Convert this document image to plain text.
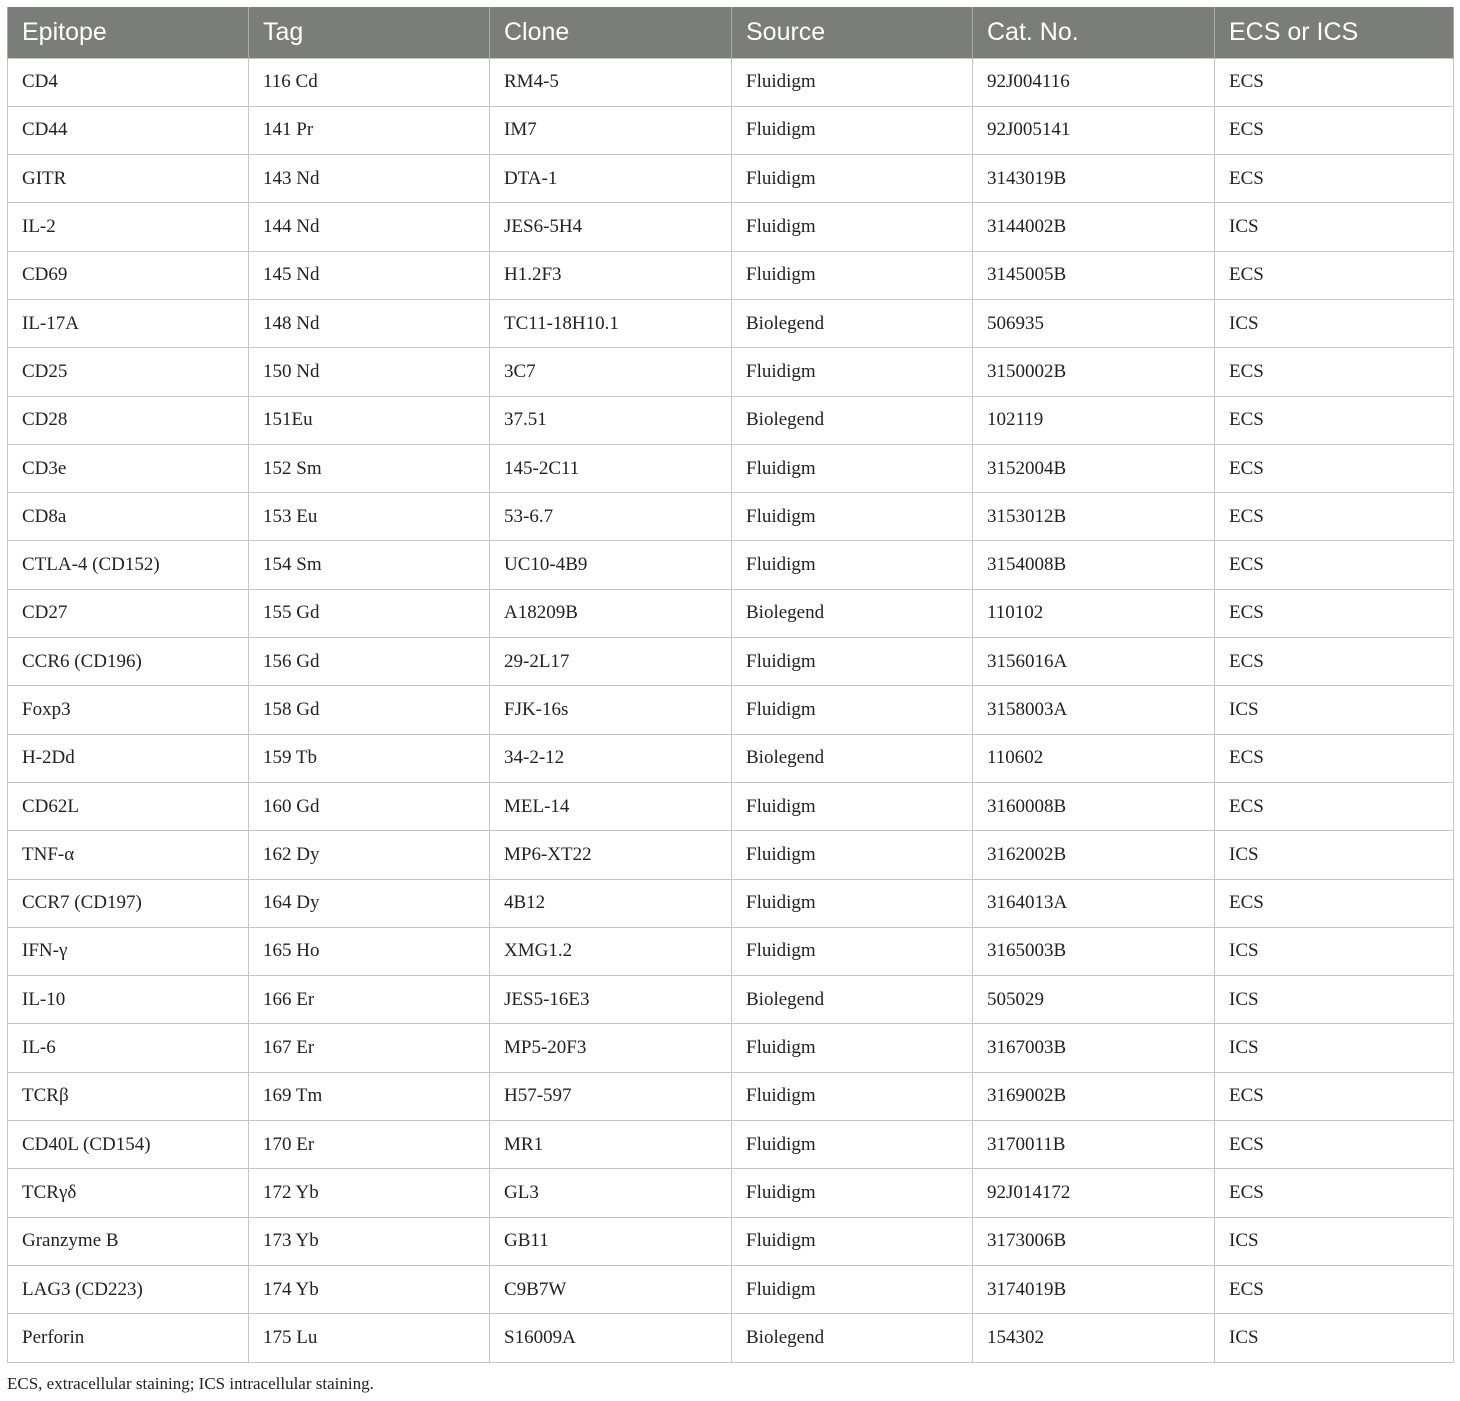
Epitope	Tag	Clone	Source	Cat. No.	ECS or ICS
CD4	116 Cd	RM4-5	Fluidigm	92J004116	ECS
CD44	141 Pr	IM7	Fluidigm	92J005141	ECS
GITR	143 Nd	DTA-1	Fluidigm	3143019B	ECS
IL-2	144 Nd	JES6-5H4	Fluidigm	3144002B	ICS
CD69	145 Nd	H1.2F3	Fluidigm	3145005B	ECS
IL-17A	148 Nd	TC11-18H10.1	Biolegend	506935	ICS
CD25	150 Nd	3C7	Fluidigm	3150002B	ECS
CD28	151Eu	37.51	Biolegend	102119	ECS
CD3e	152 Sm	145-2C11	Fluidigm	3152004B	ECS
CD8a	153 Eu	53-6.7	Fluidigm	3153012B	ECS
CTLA-4 (CD152)	154 Sm	UC10-4B9	Fluidigm	3154008B	ECS
CD27	155 Gd	A18209B	Biolegend	110102	ECS
CCR6 (CD196)	156 Gd	29-2L17	Fluidigm	3156016A	ECS
Foxp3	158 Gd	FJK-16s	Fluidigm	3158003A	ICS
H-2Dd	159 Tb	34-2-12	Biolegend	110602	ECS
CD62L	160 Gd	MEL-14	Fluidigm	3160008B	ECS
TNF-α	162 Dy	MP6-XT22	Fluidigm	3162002B	ICS
CCR7 (CD197)	164 Dy	4B12	Fluidigm	3164013A	ECS
IFN-γ	165 Ho	XMG1.2	Fluidigm	3165003B	ICS
IL-10	166 Er	JES5-16E3	Biolegend	505029	ICS
IL-6	167 Er	MP5-20F3	Fluidigm	3167003B	ICS
TCRβ	169 Tm	H57-597	Fluidigm	3169002B	ECS
CD40L (CD154)	170 Er	MR1	Fluidigm	3170011B	ECS
TCRγδ	172 Yb	GL3	Fluidigm	92J014172	ECS
Granzyme B	173 Yb	GB11	Fluidigm	3173006B	ICS
LAG3 (CD223)	174 Yb	C9B7W	Fluidigm	3174019B	ECS
Perforin	175 Lu	S16009A	Biolegend	154302	ICS
ECS, extracellular staining; ICS intracellular staining.
